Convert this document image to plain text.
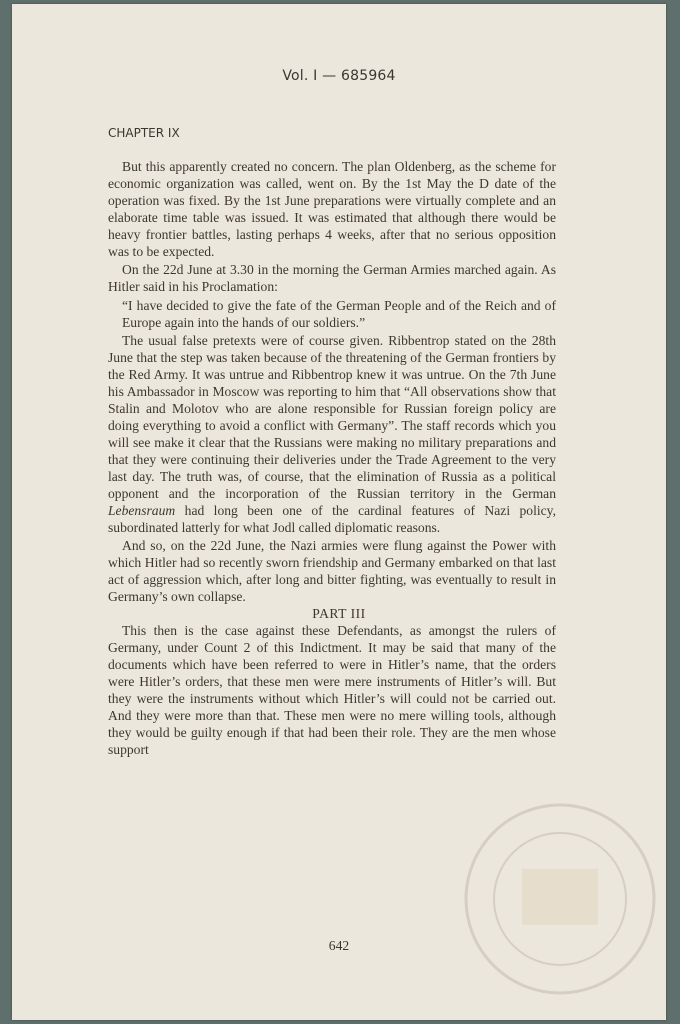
Vol. I — 685964
CHAPTER IX

But this apparently created no concern. The plan Oldenberg, as the scheme for economic organization was called, went on. By the 1st May the D date of the operation was fixed. By the 1st June preparations were virtually complete and an elaborate time table was issued. It was estimated that although there would be heavy frontier battles, lasting perhaps 4 weeks, after that no serious opposition was to be expected.

On the 22d June at 3.30 in the morning the German Armies marched again. As Hitler said in his Proclamation:

“I have decided to give the fate of the German People and of the Reich and of Europe again into the hands of our soldiers.”

The usual false pretexts were of course given. Ribbentrop stated on the 28th June that the step was taken because of the threatening of the German frontiers by the Red Army. It was untrue and Ribbentrop knew it was untrue. On the 7th June his Ambassador in Moscow was reporting to him that “All observations show that Stalin and Molotov who are alone responsible for Russian foreign policy are doing everything to avoid a conflict with Germany”. The staff records which you will see make it clear that the Russians were making no military preparations and that they were continuing their deliveries under the Trade Agreement to the very last day. The truth was, of course, that the elimination of Russia as a political opponent and the incorporation of the Russian territory in the German Lebensraum had long been one of the cardinal features of Nazi policy, subordinated latterly for what Jodl called diplomatic reasons.

And so, on the 22d June, the Nazi armies were flung against the Power with which Hitler had so recently sworn friendship and Germany embarked on that last act of aggression which, after long and bitter fighting, was eventually to result in Germany’s own collapse.

PART III

This then is the case against these Defendants, as amongst the rulers of Germany, under Count 2 of this Indictment. It may be said that many of the documents which have been referred to were in Hitler’s name, that the orders were Hitler’s orders, that these men were mere instruments of Hitler’s will. But they were the instruments without which Hitler’s will could not be carried out. And they were more than that. These men were no mere willing tools, although they would be guilty enough if that had been their role. They are the men whose support

642
